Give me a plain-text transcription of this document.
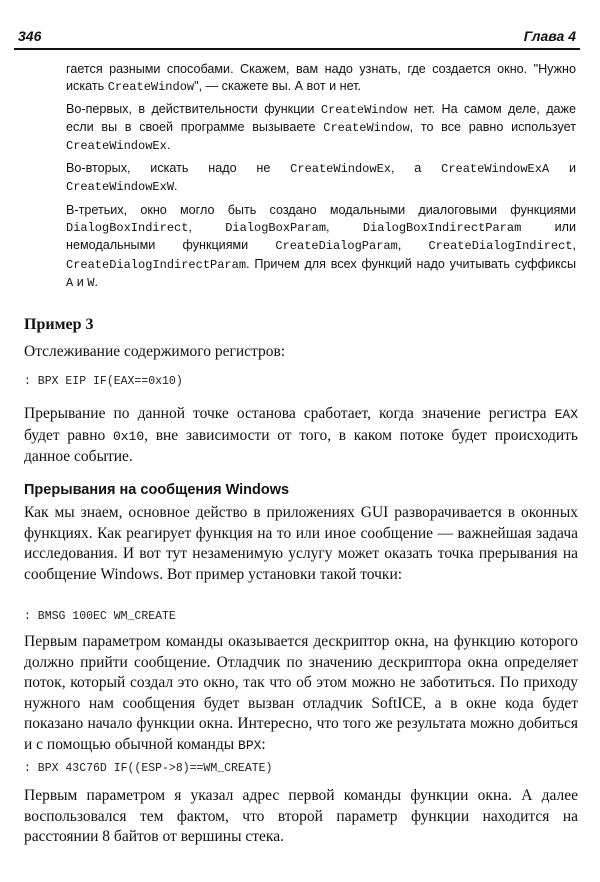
346	Глава 4
гается разными способами. Скажем, вам надо узнать, где создается окно. "Нужно искать CreateWindow", — скажете вы. А вот и нет.
Во-первых, в действительности функции CreateWindow нет. На самом деле, даже если вы в своей программе вызываете CreateWindow, то все равно использует CreateWindowEx.
Во-вторых, искать надо не CreateWindowEx, а CreateWindowExA и CreateWindowExW.
В-третьих, окно могло быть создано модальными диалоговыми функциями DialogBoxIndirect, DialogBoxParam, DialogBoxIndirectParam или немодальными функциями CreateDialogParam, CreateDialogIndirect, CreateDialogIndirectParam. Причем для всех функций надо учитывать суффиксы A и W.
Пример 3
Отслеживание содержимого регистров:
: BPX EIP IF(EAX==0x10)
Прерывание по данной точке останова сработает, когда значение регистра EAX будет равно 0x10, вне зависимости от того, в каком потоке будет происходить данное событие.
Прерывания на сообщения Windows
Как мы знаем, основное действо в приложениях GUI разворачивается в оконных функциях. Как реагирует функция на то или иное сообщение — важнейшая задача исследования. И вот тут незаменимую услугу может оказать точка прерывания на сообщение Windows. Вот пример установки такой точки:
: BMSG 100EC WM_CREATE
Первым параметром команды оказывается дескриптор окна, на функцию которого должно прийти сообщение. Отладчик по значению дескриптора окна определяет поток, который создал это окно, так что об этом можно не заботиться. По приходу нужного нам сообщения будет вызван отладчик SoftICE, а в окне кода будет показано начало функции окна. Интересно, что того же результата можно добиться и с помощью обычной команды BPX:
: BPX 43C76D IF((ESP->8)==WM_CREATE)
Первым параметром я указал адрес первой команды функции окна. А далее воспользовался тем фактом, что второй параметр функции находится на расстоянии 8 байтов от вершины стека.
